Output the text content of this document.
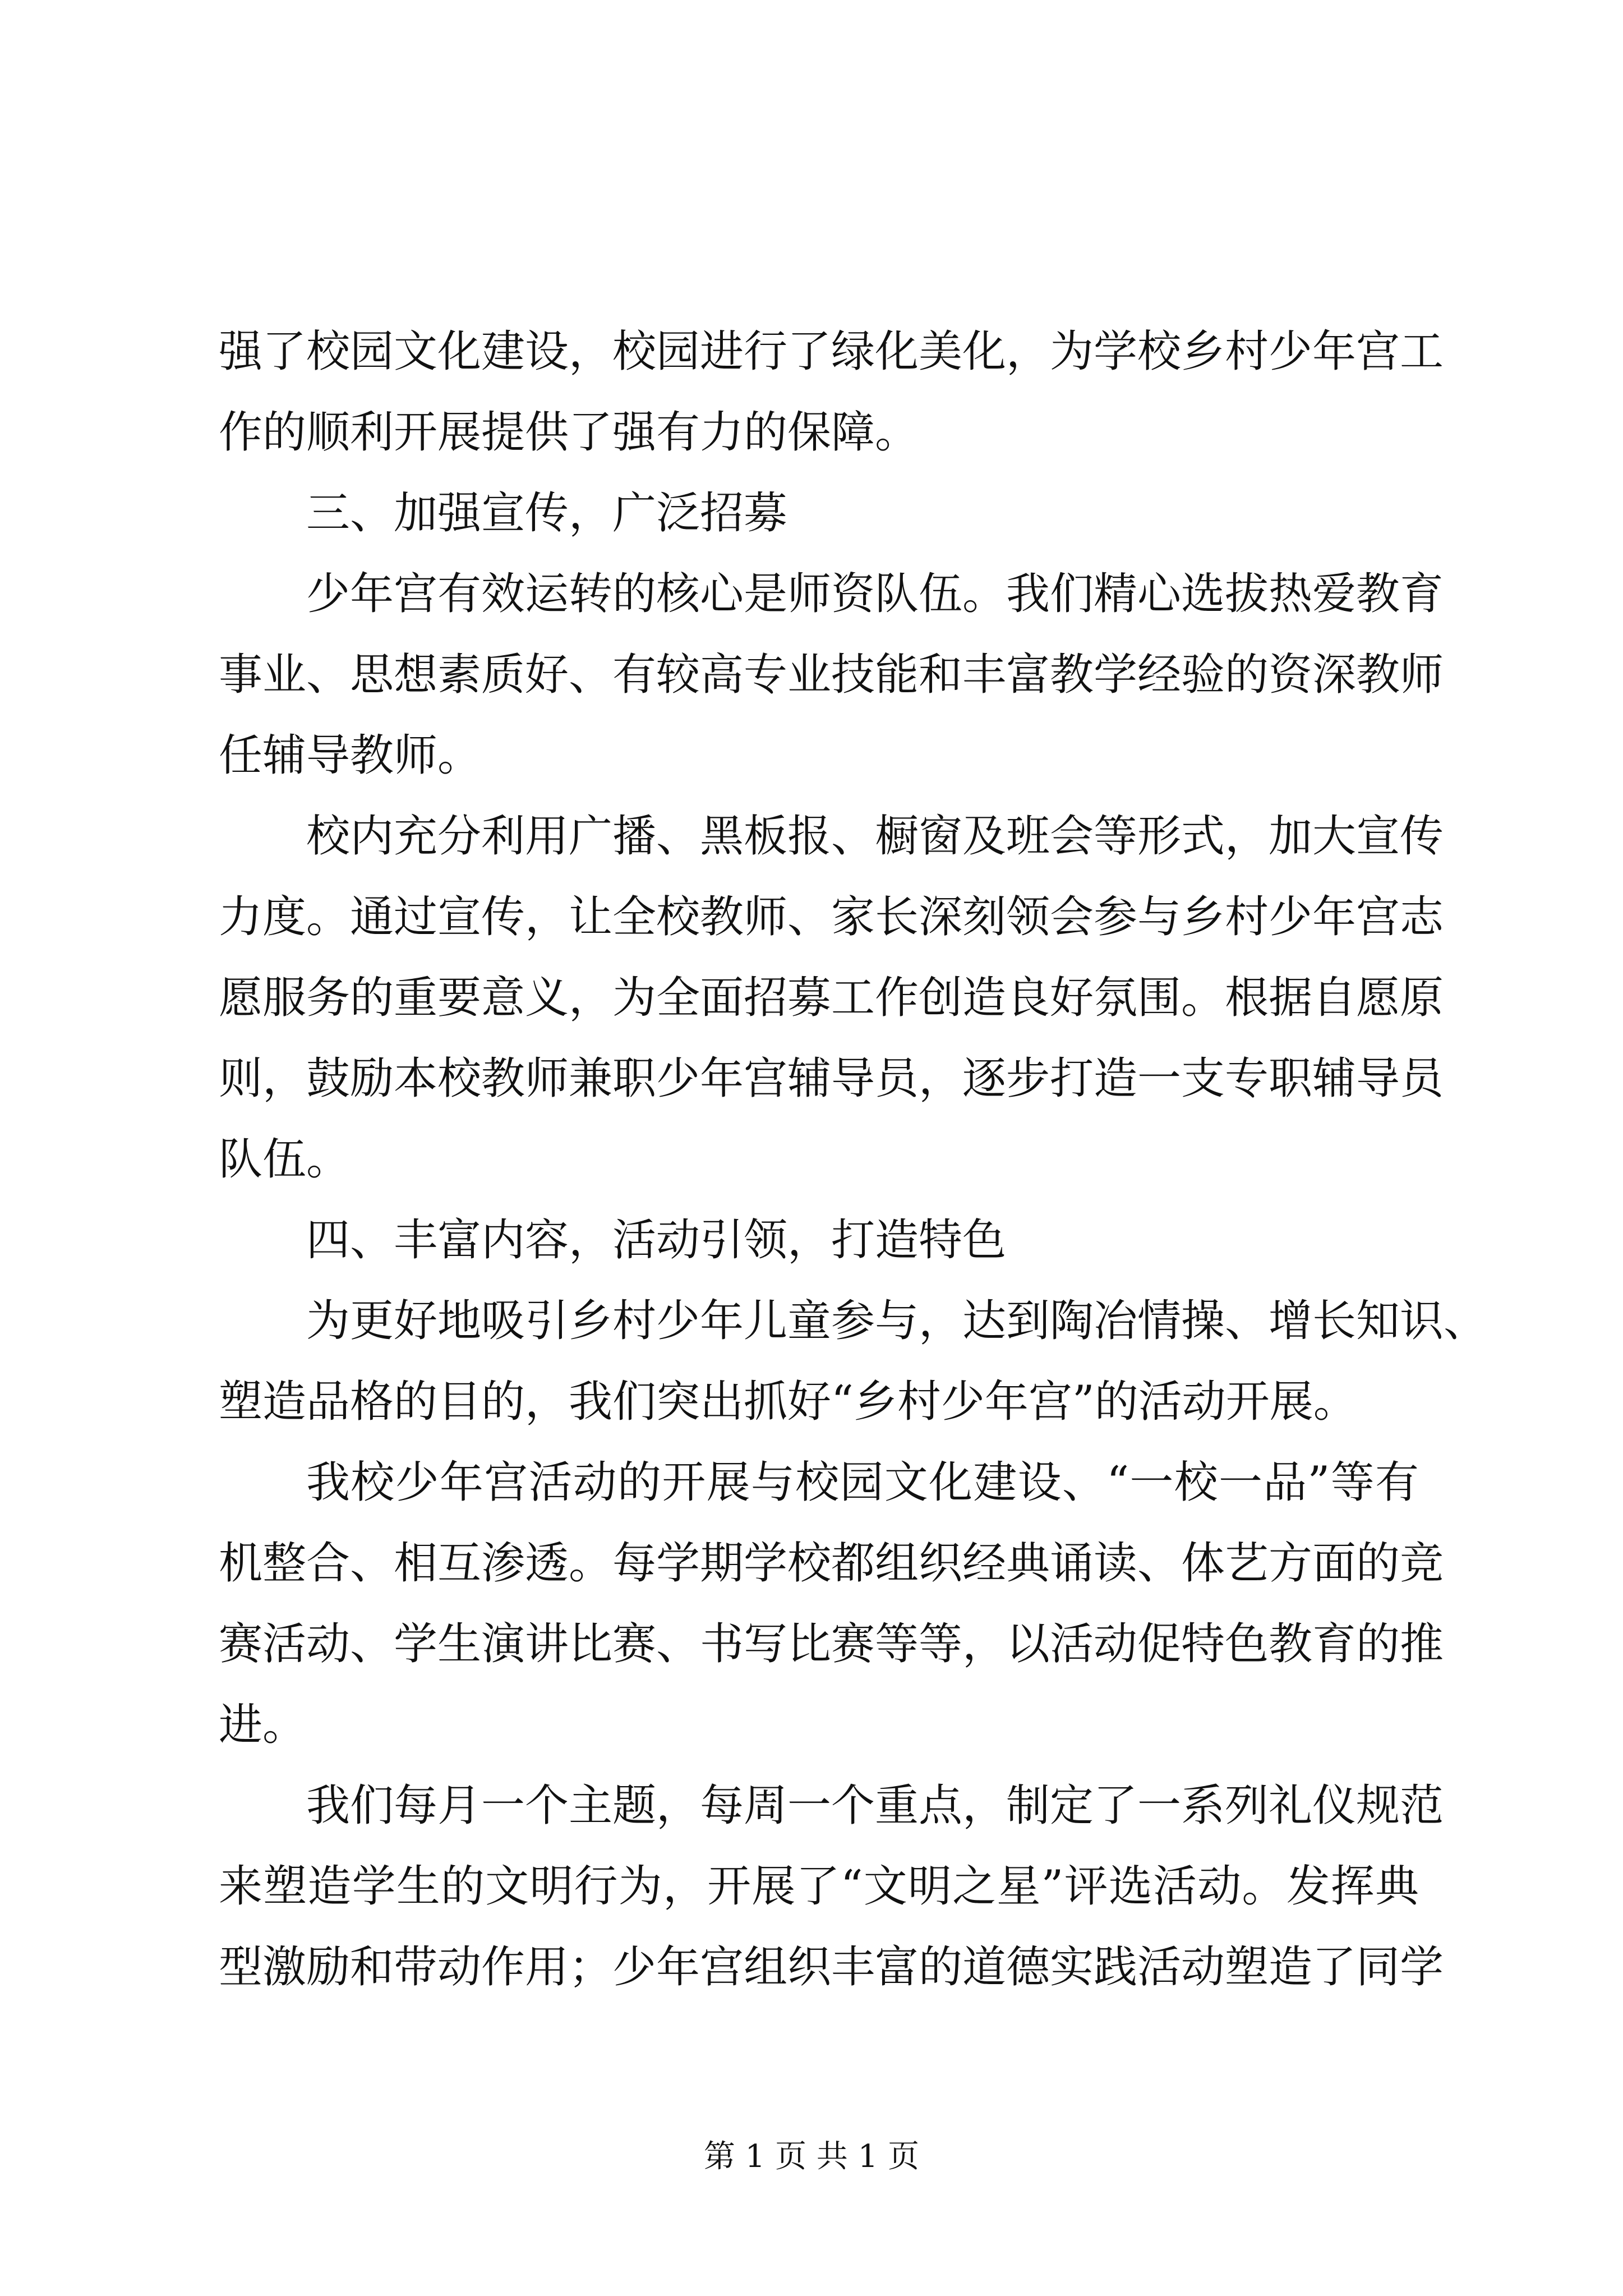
强了校园文化建设，校园进行了绿化美化，为学校乡村少年宫工
作的顺利开展提供了强有力的保障。
三、加强宣传，广泛招募
少年宫有效运转的核心是师资队伍。我们精心选拔热爱教育
事业、思想素质好、有较高专业技能和丰富教学经验的资深教师
任辅导教师。
校内充分利用广播、黑板报、橱窗及班会等形式，加大宣传
力度。通过宣传，让全校教师、家长深刻领会参与乡村少年宫志
愿服务的重要意义，为全面招募工作创造良好氛围。根据自愿原
则，鼓励本校教师兼职少年宫辅导员，逐步打造一支专职辅导员
队伍。
四、丰富内容，活动引领，打造特色
为更好地吸引乡村少年儿童参与，达到陶冶情操、增长知识、
塑造品格的目的，我们突出抓好“乡村少年宫”的活动开展。
我校少年宫活动的开展与校园文化建设、“一校一品”等有
机整合、相互渗透。每学期学校都组织经典诵读、体艺方面的竞
赛活动、学生演讲比赛、书写比赛等等，以活动促特色教育的推
进。
我们每月一个主题，每周一个重点，制定了一系列礼仪规范
来塑造学生的文明行为，开展了“文明之星”评选活动。发挥典
型激励和带动作用；少年宫组织丰富的道德实践活动塑造了同学
第 1 页 共 1 页
